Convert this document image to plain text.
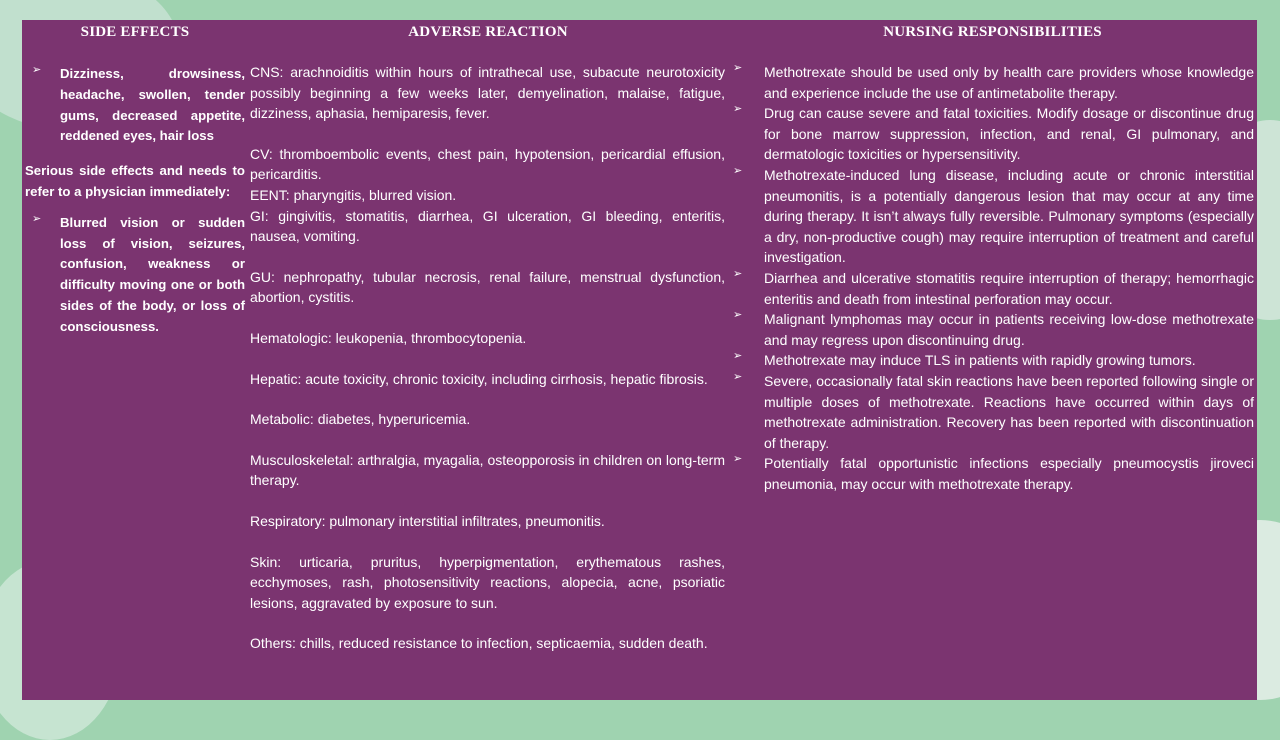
SIDE EFFECTS
➢ Dizziness, drowsiness, headache, swollen, tender gums, decreased appetite, reddened eyes, hair loss
Serious side effects and needs to refer to a physician immediately:
➢ Blurred vision or sudden loss of vision, seizures, confusion, weakness or difficulty moving one or both sides of the body, or loss of consciousness.
ADVERSE REACTION

CNS: arachnoiditis within hours of intrathecal use, subacute neurotoxicity possibly beginning a few weeks later, demyelination, malaise, fatigue, dizziness, aphasia, hemiparesis, fever.

CV: thromboembolic events, chest pain, hypotension, pericardial effusion, pericarditis.

EENT: pharyngitis, blurred vision.

GI: gingivitis, stomatitis, diarrhea, GI ulceration, GI bleeding, enteritis, nausea, vomiting.

GU: nephropathy, tubular necrosis, renal failure, menstrual dysfunction, abortion, cystitis.

Hematologic: leukopenia, thrombocytopenia.

Hepatic: acute toxicity, chronic toxicity, including cirrhosis, hepatic fibrosis.

Metabolic: diabetes, hyperuricemia.

Musculoskeletal: arthralgia, myagalia, osteopporosis in children on long-term therapy.

Respiratory: pulmonary interstitial infiltrates, pneumonitis.

Skin: urticaria, pruritus, hyperpigmentation, erythematous rashes, ecchymoses, rash, photosensitivity reactions, alopecia, acne, psoriatic lesions, aggravated by exposure to sun.

Others: chills, reduced resistance to infection, septicaemia, sudden death.

NURSING RESPONSIBILITIES
➢ Methotrexate should be used only by health care providers whose knowledge and experience include the use of antimetabolite therapy.
➢ Drug can cause severe and fatal toxicities. Modify dosage or discontinue drug for bone marrow suppression, infection, and renal, GI pulmonary, and dermatologic toxicities or hypersensitivity.
➢ Methotrexate-induced lung disease, including acute or chronic interstitial pneumonitis, is a potentially dangerous lesion that may occur at any time during therapy. It isn’t always fully reversible. Pulmonary symptoms (especially a dry, non-productive cough) may require interruption of treatment and careful investigation.
➢ Diarrhea and ulcerative stomatitis require interruption of therapy; hemorrhagic enteritis and death from intestinal perforation may occur.
➢ Malignant lymphomas may occur in patients receiving low-dose methotrexate and may regress upon discontinuing drug.
➢ Methotrexate may induce TLS in patients with rapidly growing tumors.
➢ Severe, occasionally fatal skin reactions have been reported following single or multiple doses of methotrexate. Reactions have occurred within days of methotrexate administration. Recovery has been reported with discontinuation of therapy.
➢ Potentially fatal opportunistic infections especially pneumocystis jiroveci pneumonia, may occur with methotrexate therapy.
